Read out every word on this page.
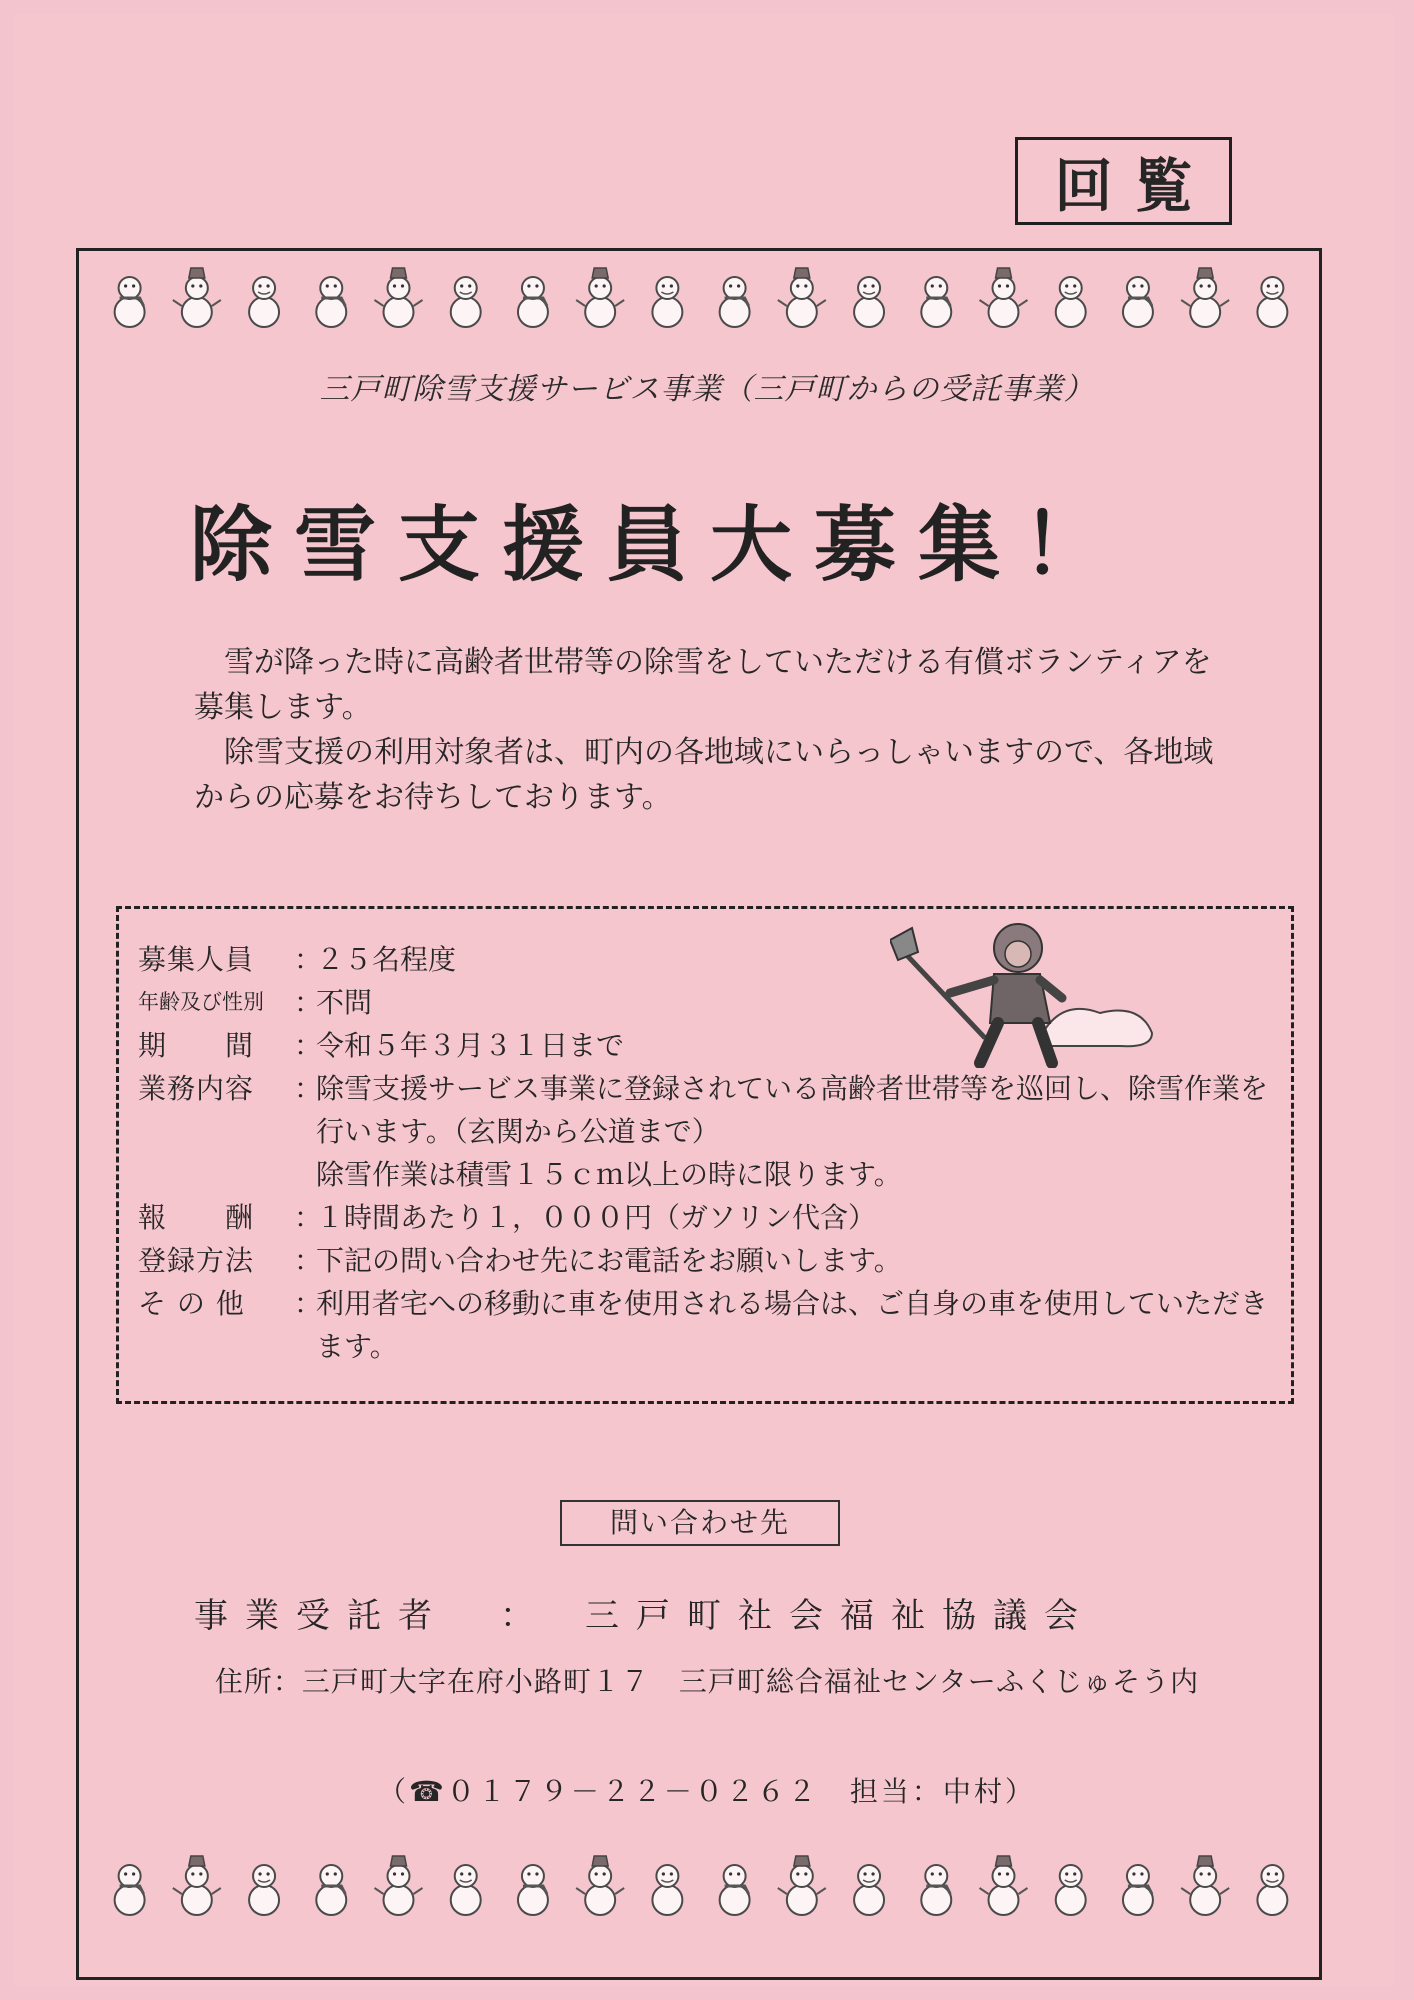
回覧
三戸町除雪支援サービス事業（三戸町からの受託事業）
除雪支援員大募集！

雪が降った時に高齢者世帯等の除雪をしていただける有償ボランティアを募集します。

除雪支援の利用対象者は、町内の各地域にいらっしゃいますので、各地域からの応募をお待ちしております。

募集人員	：
２５名程度
年齢及び性別	：
不問
期　　間	：
令和５年３月３１日まで
業務内容	：
除雪支援サービス事業に登録されている高齢者世帯等を巡回し、除雪作業を行います。（玄関から公道まで）
除雪作業は積雪１５ｃｍ以上の時に限ります。
報　　酬	：
１時間あたり１，０００円（ガソリン代含）
登録方法	：
下記の問い合わせ先にお電話をお願いします。
そ の 他	：
利用者宅への移動に車を使用される場合は、ご自身の車を使用していただきます。
問い合わせ先
事業受託者　：　三戸町社会福祉協議会
住所：三戸町大字在府小路町１７　三戸町総合福祉センターふくじゅそう内
（☎０１７９－２２－０２６２　担当：中村）
